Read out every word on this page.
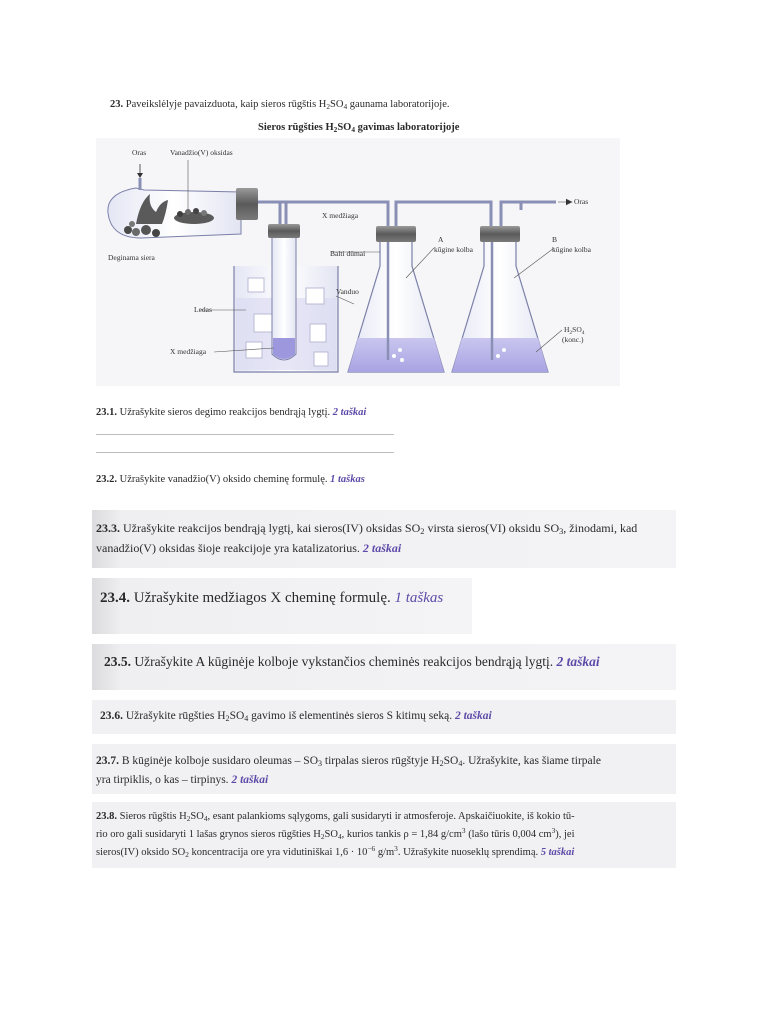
23. Paveikslėlyje pavaizduota, kaip sieros rūgštis $H_2SO_4$ gaunama laboratorijoje.
Sieros rūgšties $H_2SO_4$ gavimas laboratorijoje
Oras	Vanadžio(V) oksidas
Deginama siera
X medžiaga
Balti dūmai
A
kūgine kolba
B
kūgine kolba
Oras
Vanduo
Ledas
X medžiaga
$H_2SO_4$
(konc.)
23.1. Užrašykite sieros degimo reakcijos bendrąją lygtį. 2 taškai
23.2. Užrašykite vanadžio(V) oksido cheminę formulę. 1 taškas
23.3. Užrašykite reakcijos bendrąją lygtį, kai sieros(IV) oksidas $SO_2$ virsta sieros(VI) oksidu $SO_3$, žinodami, kad
vanadžio(V) oksidas šioje reakcijoje yra katalizatorius. 2 taškai
23.4. Užrašykite medžiagos X cheminę formulę. 1 taškas
23.5. Užrašykite A kūginėje kolboje vykstančios cheminės reakcijos bendrąją lygtį. 2 taškai
23.6. Užrašykite rūgšties $H_2SO_4$ gavimo iš elementinės sieros S kitimų seką. 2 taškai
23.7. B kūginėje kolboje susidaro oleumas – $SO_3$ tirpalas sieros rūgštyje $H_2SO_4$. Užrašykite, kas šiame tirpale
yra tirpiklis, o kas – tirpinys. 2 taškai
23.8. Sieros rūgštis $H_2SO_4$, esant palankioms sąlygoms, gali susidaryti ir atmosferoje. Apskaičiuokite, iš kokio tū-
rio oro gali susidaryti 1 lašas grynos sieros rūgšties $H_2SO_4$, kurios tankis ρ = 1,84 $g/cm^3$ (lašo tūris 0,004 $cm^3$), jei
sieros(IV) oksido $SO_2$ koncentracija ore yra vidutiniškai $1,6 \cdot 10^{-6}$ $g/m^3$. Užrašykite nuoseklų sprendimą. 5 taškai
